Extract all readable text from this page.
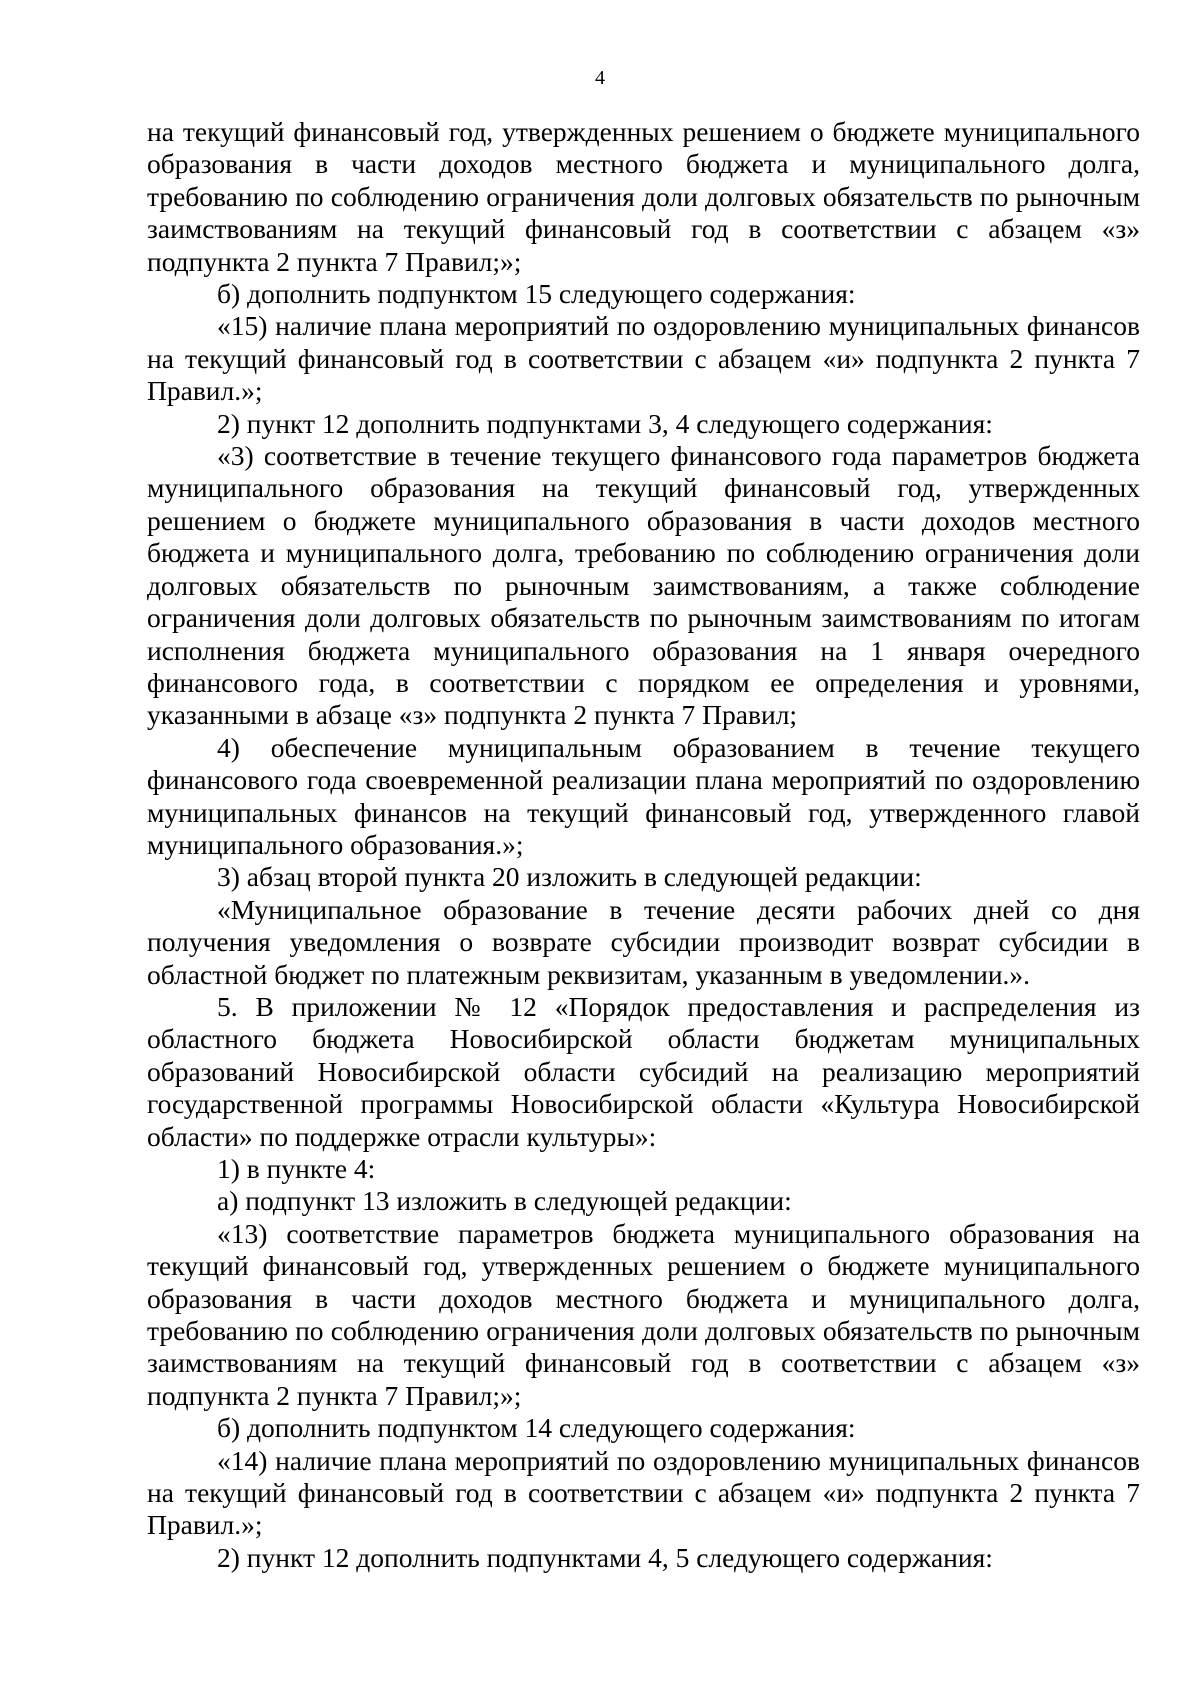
4

на текущий финансовый год, утвержденных решением о бюджете муниципального образования в части доходов местного бюджета и муниципального долга, требованию по соблюдению ограничения доли долговых обязательств по рыночным заимствованиям на текущий финансовый год в соответствии с абзацем «з» подпункта 2 пункта 7 Правил;»;

б) дополнить подпунктом 15 следующего содержания:

«15) наличие плана мероприятий по оздоровлению муниципальных финансов на текущий финансовый год в соответствии с абзацем «и» подпункта 2 пункта 7 Правил.»;

2) пункт 12 дополнить подпунктами 3, 4 следующего содержания:

«3) соответствие в течение текущего финансового года параметров бюджета муниципального образования на текущий финансовый год, утвержденных решением о бюджете муниципального образования в части доходов местного бюджета и муниципального долга, требованию по соблюдению ограничения доли долговых обязательств по рыночным заимствованиям, а также соблюдение ограничения доли долговых обязательств по рыночным заимствованиям по итогам исполнения бюджета муниципального образования на 1 января очередного финансового года, в соответствии с порядком ее определения и уровнями, указанными в абзаце «з» подпункта 2 пункта 7 Правил;

4) обеспечение муниципальным образованием в течение текущего финансового года своевременной реализации плана мероприятий по оздоровлению муниципальных финансов на текущий финансовый год, утвержденного главой муниципального образования.»;

3) абзац второй пункта 20 изложить в следующей редакции:

«Муниципальное образование в течение десяти рабочих дней со дня получения уведомления о возврате субсидии производит возврат субсидии в областной бюджет по платежным реквизитам, указанным в уведомлении.».

5. В приложении № 12 «Порядок предоставления и распределения из областного бюджета Новосибирской области бюджетам муниципальных образований Новосибирской области субсидий на реализацию мероприятий государственной программы Новосибирской области «Культура Новосибирской области» по поддержке отрасли культуры»:

1) в пункте 4:

а) подпункт 13 изложить в следующей редакции:

«13) соответствие параметров бюджета муниципального образования на текущий финансовый год, утвержденных решением о бюджете муниципального образования в части доходов местного бюджета и муниципального долга, требованию по соблюдению ограничения доли долговых обязательств по рыночным заимствованиям на текущий финансовый год в соответствии с абзацем «з» подпункта 2 пункта 7 Правил;»;

б) дополнить подпунктом 14 следующего содержания:

«14) наличие плана мероприятий по оздоровлению муниципальных финансов на текущий финансовый год в соответствии с абзацем «и» подпункта 2 пункта 7 Правил.»;

2) пункт 12 дополнить подпунктами 4, 5 следующего содержания:
